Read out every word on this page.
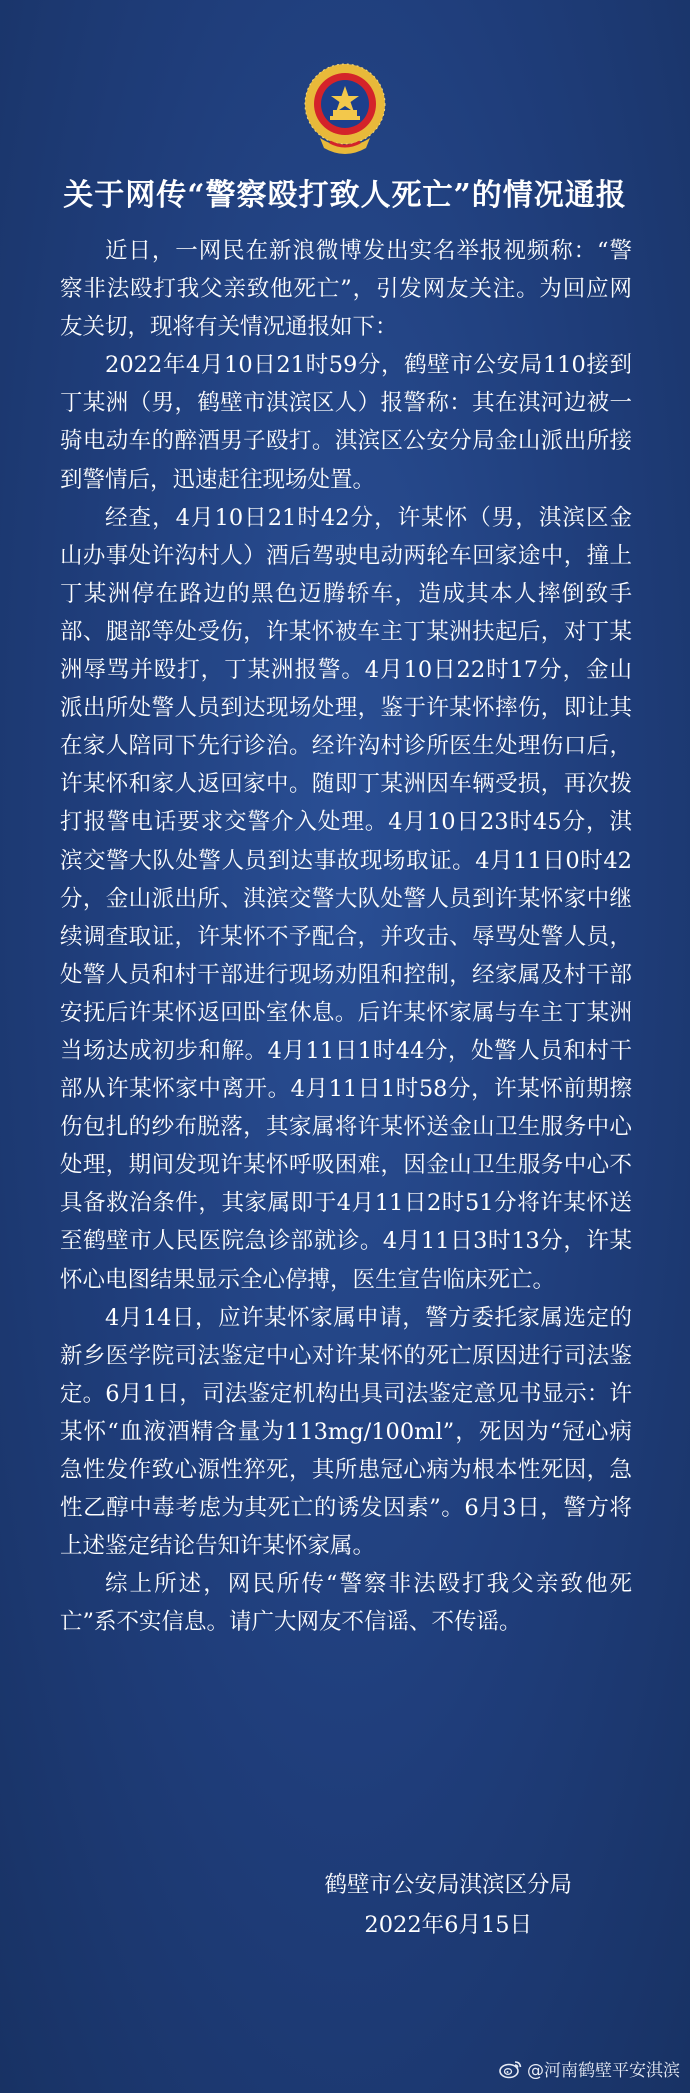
关于网传“警察殴打致人死亡”的情况通报

近日，一网民在新浪微博发出实名举报视频称：“警察非法殴打我父亲致他死亡”，引发网友关注。为回应网友关切，现将有关情况通报如下：

2022年4月10日21时59分，鹤壁市公安局110接到丁某洲（男，鹤壁市淇滨区人）报警称：其在淇河边被一骑电动车的醉酒男子殴打。淇滨区公安分局金山派出所接到警情后，迅速赶往现场处置。

经查，4月10日21时42分，许某怀（男，淇滨区金山办事处许沟村人）酒后驾驶电动两轮车回家途中，撞上丁某洲停在路边的黑色迈腾轿车，造成其本人摔倒致手部、腿部等处受伤，许某怀被车主丁某洲扶起后，对丁某洲辱骂并殴打，丁某洲报警。4月10日22时17分，金山派出所处警人员到达现场处理，鉴于许某怀摔伤，即让其在家人陪同下先行诊治。经许沟村诊所医生处理伤口后，许某怀和家人返回家中。随即丁某洲因车辆受损，再次拨打报警电话要求交警介入处理。4月10日23时45分，淇滨交警大队处警人员到达事故现场取证。4月11日0时42分，金山派出所、淇滨交警大队处警人员到许某怀家中继续调查取证，许某怀不予配合，并攻击、辱骂处警人员，处警人员和村干部进行现场劝阻和控制，经家属及村干部安抚后许某怀返回卧室休息。后许某怀家属与车主丁某洲当场达成初步和解。4月11日1时44分，处警人员和村干部从许某怀家中离开。4月11日1时58分，许某怀前期擦伤包扎的纱布脱落，其家属将许某怀送金山卫生服务中心处理，期间发现许某怀呼吸困难，因金山卫生服务中心不具备救治条件，其家属即于4月11日2时51分将许某怀送至鹤壁市人民医院急诊部就诊。4月11日3时13分，许某怀心电图结果显示全心停搏，医生宣告临床死亡。

4月14日，应许某怀家属申请，警方委托家属选定的新乡医学院司法鉴定中心对许某怀的死亡原因进行司法鉴定。6月1日，司法鉴定机构出具司法鉴定意见书显示：许某怀“血液酒精含量为113mg/100ml”，死因为“冠心病急性发作致心源性猝死，其所患冠心病为根本性死因，急性乙醇中毒考虑为其死亡的诱发因素”。6月3日，警方将上述鉴定结论告知许某怀家属。

综上所述，网民所传“警察非法殴打我父亲致他死亡”系不实信息。请广大网友不信谣、不传谣。

鹤壁市公安局淇滨区分局
2022年6月15日
@河南鹤壁平安淇滨
